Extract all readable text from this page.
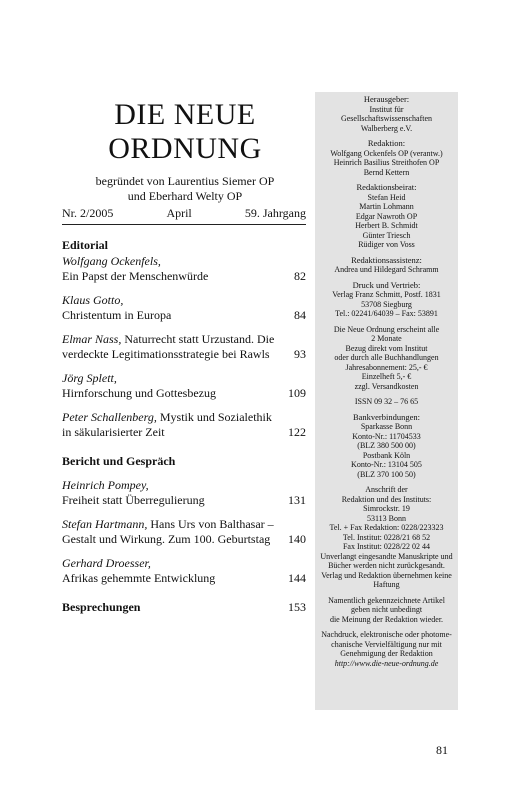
DIE NEUE
ORDNUNG
begründet von Laurentius Siemer OP
und Eberhard Welty OP
Nr. 2/2005	April	59. Jahrgang
Editorial
Wolfgang Ockenfels,
Ein Papst der Menschenwürde	82
Klaus Gotto,
Christentum in Europa	84
Elmar Nass, Naturrecht statt Urzustand. Die
verdeckte Legitimationsstrategie bei Rawls	93
Jörg Splett,
Hirnforschung und Gottesbezug	109
Peter Schallenberg, Mystik und Sozialethik
in säkularisierter Zeit	122
Bericht und Gespräch
Heinrich Pompey,
Freiheit statt Überregulierung	131
Stefan Hartmann, Hans Urs von Balthasar –
Gestalt und Wirkung. Zum 100. Geburtstag	140
Gerhard Droesser,
Afrikas gehemmte Entwicklung	144
Besprechungen	153
Herausgeber:
Institut für
Gesellschaftswissenschaften
Walberberg e.V.
Redaktion:
Wolfgang Ockenfels OP (verantw.)
Heinrich Basilius Streithofen OP
Bernd Kettern
Redaktionsbeirat:
Stefan Heid
Martin Lohmann
Edgar Nawroth OP
Herbert B. Schmidt
Günter Triesch
Rüdiger von Voss
Redaktionsassistenz:
Andrea und Hildegard Schramm
Druck und Vertrieb:
Verlag Franz Schmitt, Postf. 1831
53708 Siegburg
Tel.: 02241/64039 – Fax: 53891
Die Neue Ordnung erscheint alle
2 Monate
Bezug direkt vom Institut
oder durch alle Buchhandlungen
Jahresabonnement: 25,- €
Einzelheft 5,- €
zzgl. Versandkosten
ISSN 09 32 – 76 65
Bankverbindungen:
Sparkasse Bonn
Konto-Nr.: 11704533
(BLZ 380 500 00)
Postbank Köln
Konto-Nr.: 13104 505
(BLZ 370 100 50)
Anschrift der
Redaktion und des Instituts:
Simrockstr. 19
53113 Bonn
Tel. + Fax Redaktion: 0228/223323
Tel. Institut: 0228/21 68 52
Fax Institut: 0228/22 02 44
Unverlangt eingesandte Manuskripte und
Bücher werden nicht zurückgesandt.
Verlag und Redaktion übernehmen keine
Haftung
Namentlich gekennzeichnete Artikel
geben nicht unbedingt
die Meinung der Redaktion wieder.
Nachdruck, elektronische oder photome-
chanische Vervielfältigung nur mit
Genehmigung der Redaktion
http://www.die-neue-ordnung.de
81
